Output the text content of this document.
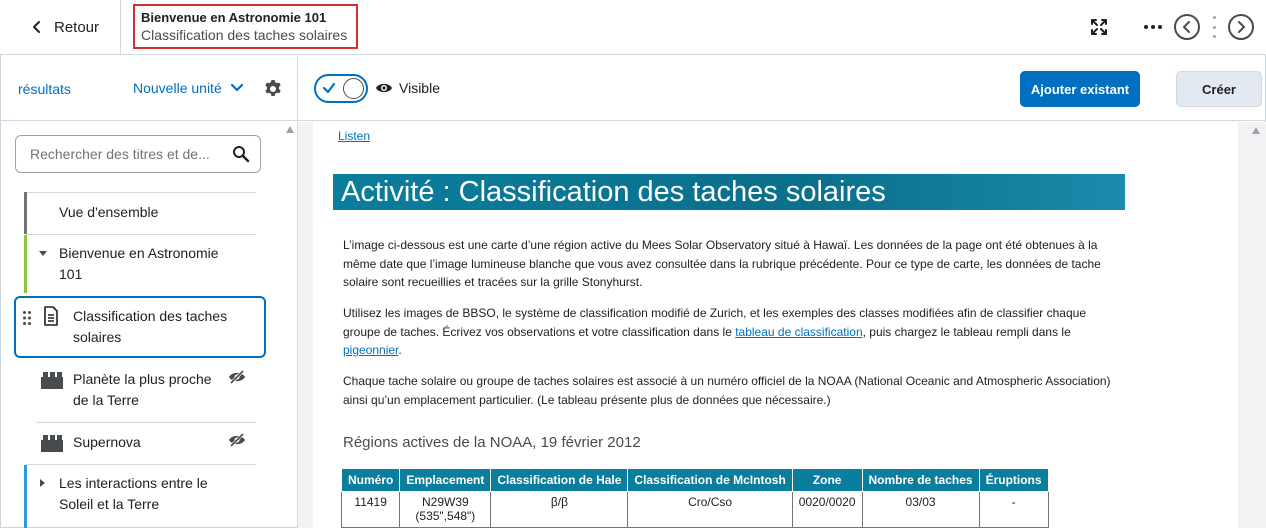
Retour
Bienvenue en Astronomie 101
Classification des taches solaires
résultats	Nouvelle unité	Visible	Ajouter existant	Créer
Rechercher des titres et de...
Vue d'ensemble
Bienvenue en Astronomie 101
Classification des taches solaires
Planète la plus proche de la Terre
Supernova
Les interactions entre le Soleil et la Terre
Listen
Activité : Classification des taches solaires
L’image ci-dessous est une carte d’une région active du Mees Solar Observatory situé à Hawaï. Les données de la page ont été obtenues à la même date que l’image lumineuse blanche que vous avez consultée dans la rubrique précédente. Pour ce type de carte, les données de tache solaire sont recueillies et tracées sur la grille Stonyhurst.
Utilisez les images de BBSO, le système de classification modifié de Zurich, et les exemples des classes modifiées afin de classifier chaque groupe de taches. Écrivez vos observations et votre classification dans le tableau de classification, puis chargez le tableau rempli dans le pigeonnier.
Chaque tache solaire ou groupe de taches solaires est associé à un numéro officiel de la NOAA (National Oceanic and Atmospheric Association) ainsi qu’un emplacement particulier. (Le tableau présente plus de données que nécessaire.)
Régions actives de la NOAA, 19 février 2012
Numéro	Emplacement	Classification de Hale	Classification de McIntosh	Zone	Nombre de taches	Éruptions
11419	N29W39 (535",548")	β/β	Cro/Cso	0020/0020	03/03	-
